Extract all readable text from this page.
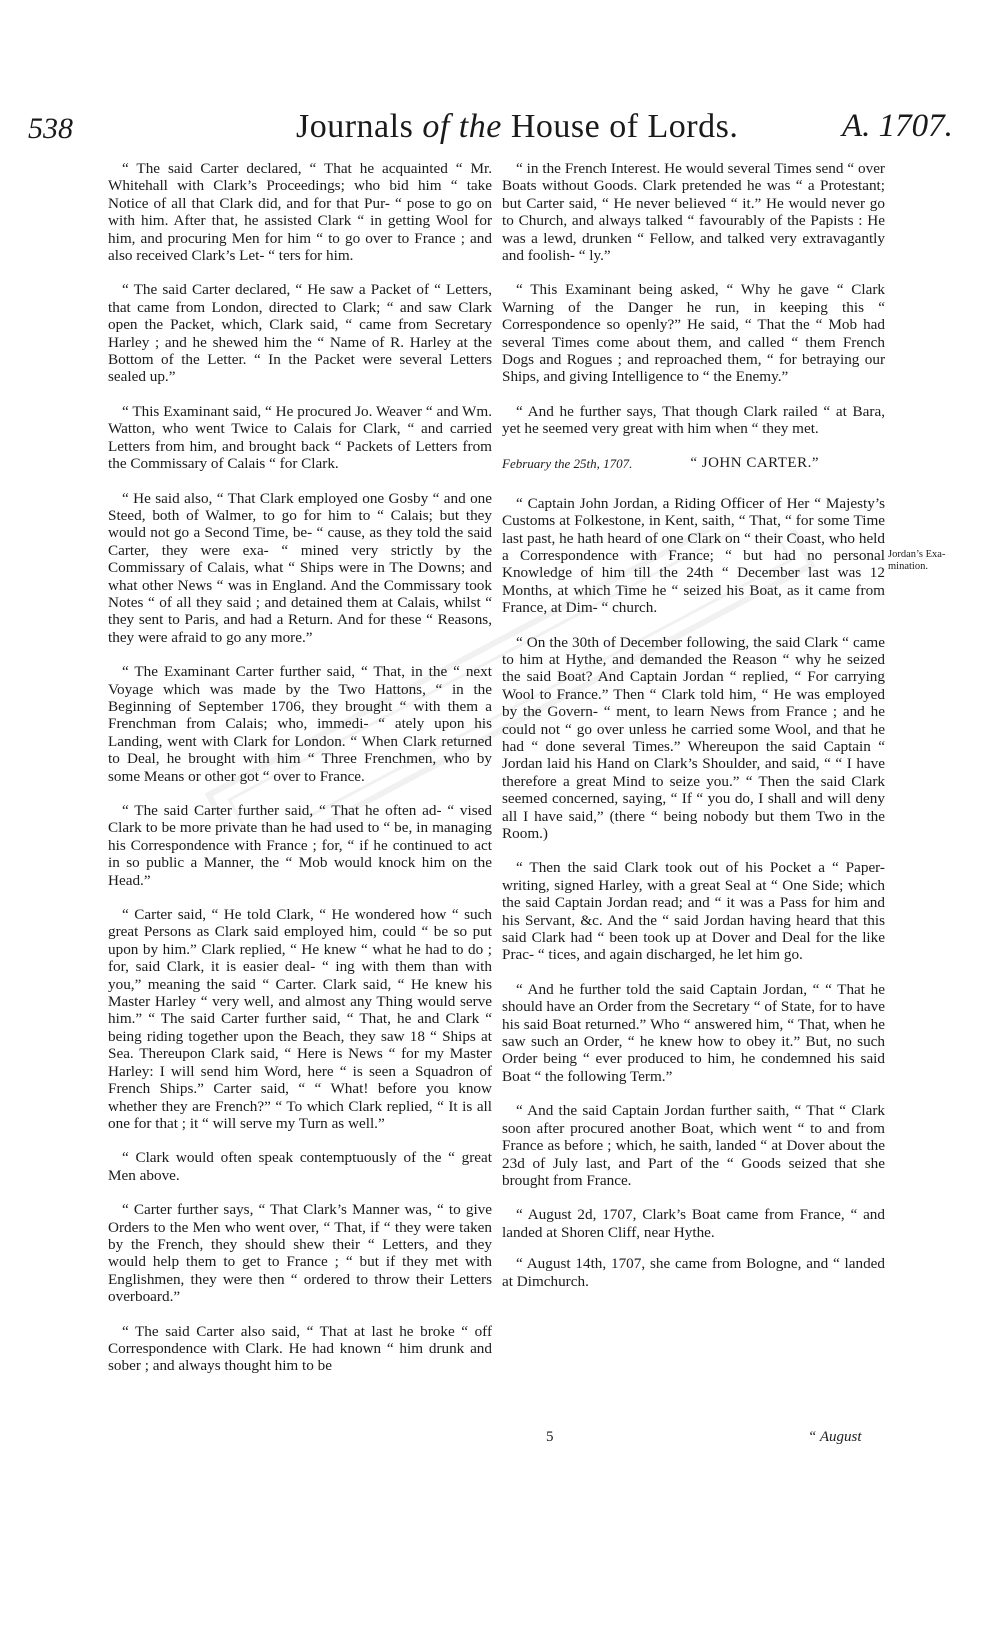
538	Journals of the House of Lords.	A. 1707.

“ The said Carter declared, “ That he acquainted “ Mr. Whitehall with Clark’s Proceedings; who bid him “ take Notice of all that Clark did, and for that Pur- “ pose to go on with him. After that, he assisted Clark “ in getting Wool for him, and procuring Men for him “ to go over to France ; and also received Clark’s Let- “ ters for him.

“ The said Carter declared, “ He saw a Packet of “ Letters, that came from London, directed to Clark; “ and saw Clark open the Packet, which, Clark said, “ came from Secretary Harley ; and he shewed him the “ Name of R. Harley at the Bottom of the Letter. “ In the Packet were several Letters sealed up.”

“ This Examinant said, “ He procured Jo. Weaver “ and Wm. Watton, who went Twice to Calais for Clark, “ and carried Letters from him, and brought back “ Packets of Letters from the Commissary of Calais “ for Clark.

“ He said also, “ That Clark employed one Gosby “ and one Steed, both of Walmer, to go for him to “ Calais; but they would not go a Second Time, be- “ cause, as they told the said Carter, they were exa- “ mined very strictly by the Commissary of Calais, what “ Ships were in The Downs; and what other News “ was in England. And the Commissary took Notes “ of all they said ; and detained them at Calais, whilst “ they sent to Paris, and had a Return. And for these “ Reasons, they were afraid to go any more.”

“ The Examinant Carter further said, “ That, in the “ next Voyage which was made by the Two Hattons, “ in the Beginning of September 1706, they brought “ with them a Frenchman from Calais; who, immedi- “ ately upon his Landing, went with Clark for London. “ When Clark returned to Deal, he brought with him “ Three Frenchmen, who by some Means or other got “ over to France.

“ The said Carter further said, “ That he often ad- “ vised Clark to be more private than he had used to “ be, in managing his Correspondence with France ; for, “ if he continued to act in so public a Manner, the “ Mob would knock him on the Head.”

“ Carter said, “ He told Clark, “ He wondered how “ such great Persons as Clark said employed him, could “ be so put upon by him.” Clark replied, “ He knew “ what he had to do ; for, said Clark, it is easier deal- “ ing with them than with you,” meaning the said “ Carter. Clark said, “ He knew his Master Harley “ very well, and almost any Thing would serve him.” “ The said Carter further said, “ That, he and Clark “ being riding together upon the Beach, they saw 18 “ Ships at Sea. Thereupon Clark said, “ Here is News “ for my Master Harley: I will send him Word, here “ is seen a Squadron of French Ships.” Carter said, “ “ What! before you know whether they are French?” “ To which Clark replied, “ It is all one for that ; it “ will serve my Turn as well.”

“ Clark would often speak contemptuously of the “ great Men above.

“ Carter further says, “ That Clark’s Manner was, “ to give Orders to the Men who went over, “ That, if “ they were taken by the French, they should shew their “ Letters, and they would help them to get to France ; “ but if they met with Englishmen, they were then “ ordered to throw their Letters overboard.”

“ The said Carter also said, “ That at last he broke “ off Correspondence with Clark. He had known “ him drunk and sober ; and always thought him to be

“ in the French Interest. He would several Times send “ over Boats without Goods. Clark pretended he was “ a Protestant; but Carter said, “ He never believed “ it.” He would never go to Church, and always talked “ favourably of the Papists : He was a lewd, drunken “ Fellow, and talked very extravagantly and foolish- “ ly.”

“ This Examinant being asked, “ Why he gave “ Clark Warning of the Danger he run, in keeping this “ Correspondence so openly?” He said, “ That the “ Mob had several Times come about them, and called “ them French Dogs and Rogues ; and reproached them, “ for betraying our Ships, and giving Intelligence to “ the Enemy.”

“ And he further says, That though Clark railed “ at Bara, yet he seemed very great with him when “ they met.

February the 25th, 1707.	“ JOHN CARTER.”

“ Captain John Jordan, a Riding Officer of Her “ Majesty’s Customs at Folkestone, in Kent, saith, “ That, “ for some Time last past, he hath heard of one Clark on “ their Coast, who held a Correspondence with France; “ but had no personal Knowledge of him till the 24th “ December last was 12 Months, at which Time he “ seized his Boat, as it came from France, at Dim- “ church.

“ On the 30th of December following, the said Clark “ came to him at Hythe, and demanded the Reason “ why he seized the said Boat? And Captain Jordan “ replied, “ For carrying Wool to France.” Then “ Clark told him, “ He was employed by the Govern- “ ment, to learn News from France ; and he could not “ go over unless he carried some Wool, and that he had “ done several Times.” Whereupon the said Captain “ Jordan laid his Hand on Clark’s Shoulder, and said, “ “ I have therefore a great Mind to seize you.” “ Then the said Clark seemed concerned, saying, “ If “ you do, I shall and will deny all I have said,” (there “ being nobody but them Two in the Room.)

“ Then the said Clark took out of his Pocket a “ Paper-writing, signed Harley, with a great Seal at “ One Side; which the said Captain Jordan read; and “ it was a Pass for him and his Servant, &c. And the “ said Jordan having heard that this said Clark had “ been took up at Dover and Deal for the like Prac- “ tices, and again discharged, he let him go.

“ And he further told the said Captain Jordan, “ “ That he should have an Order from the Secretary “ of State, for to have his said Boat returned.” Who “ answered him, “ That, when he saw such an Order, “ he knew how to obey it.” But, no such Order being “ ever produced to him, he condemned his said Boat “ the following Term.”

“ And the said Captain Jordan further saith, “ That “ Clark soon after procured another Boat, which went “ to and from France as before ; which, he saith, landed “ at Dover about the 23d of July last, and Part of the “ Goods seized that she brought from France.

“ August 2d, 1707, Clark’s Boat came from France, “ and landed at Shoren Cliff, near Hythe.

“ August 14th, 1707, she came from Bologne, and “ landed at Dimchurch.

Jordan’s Exa- mination.
5	“ August
